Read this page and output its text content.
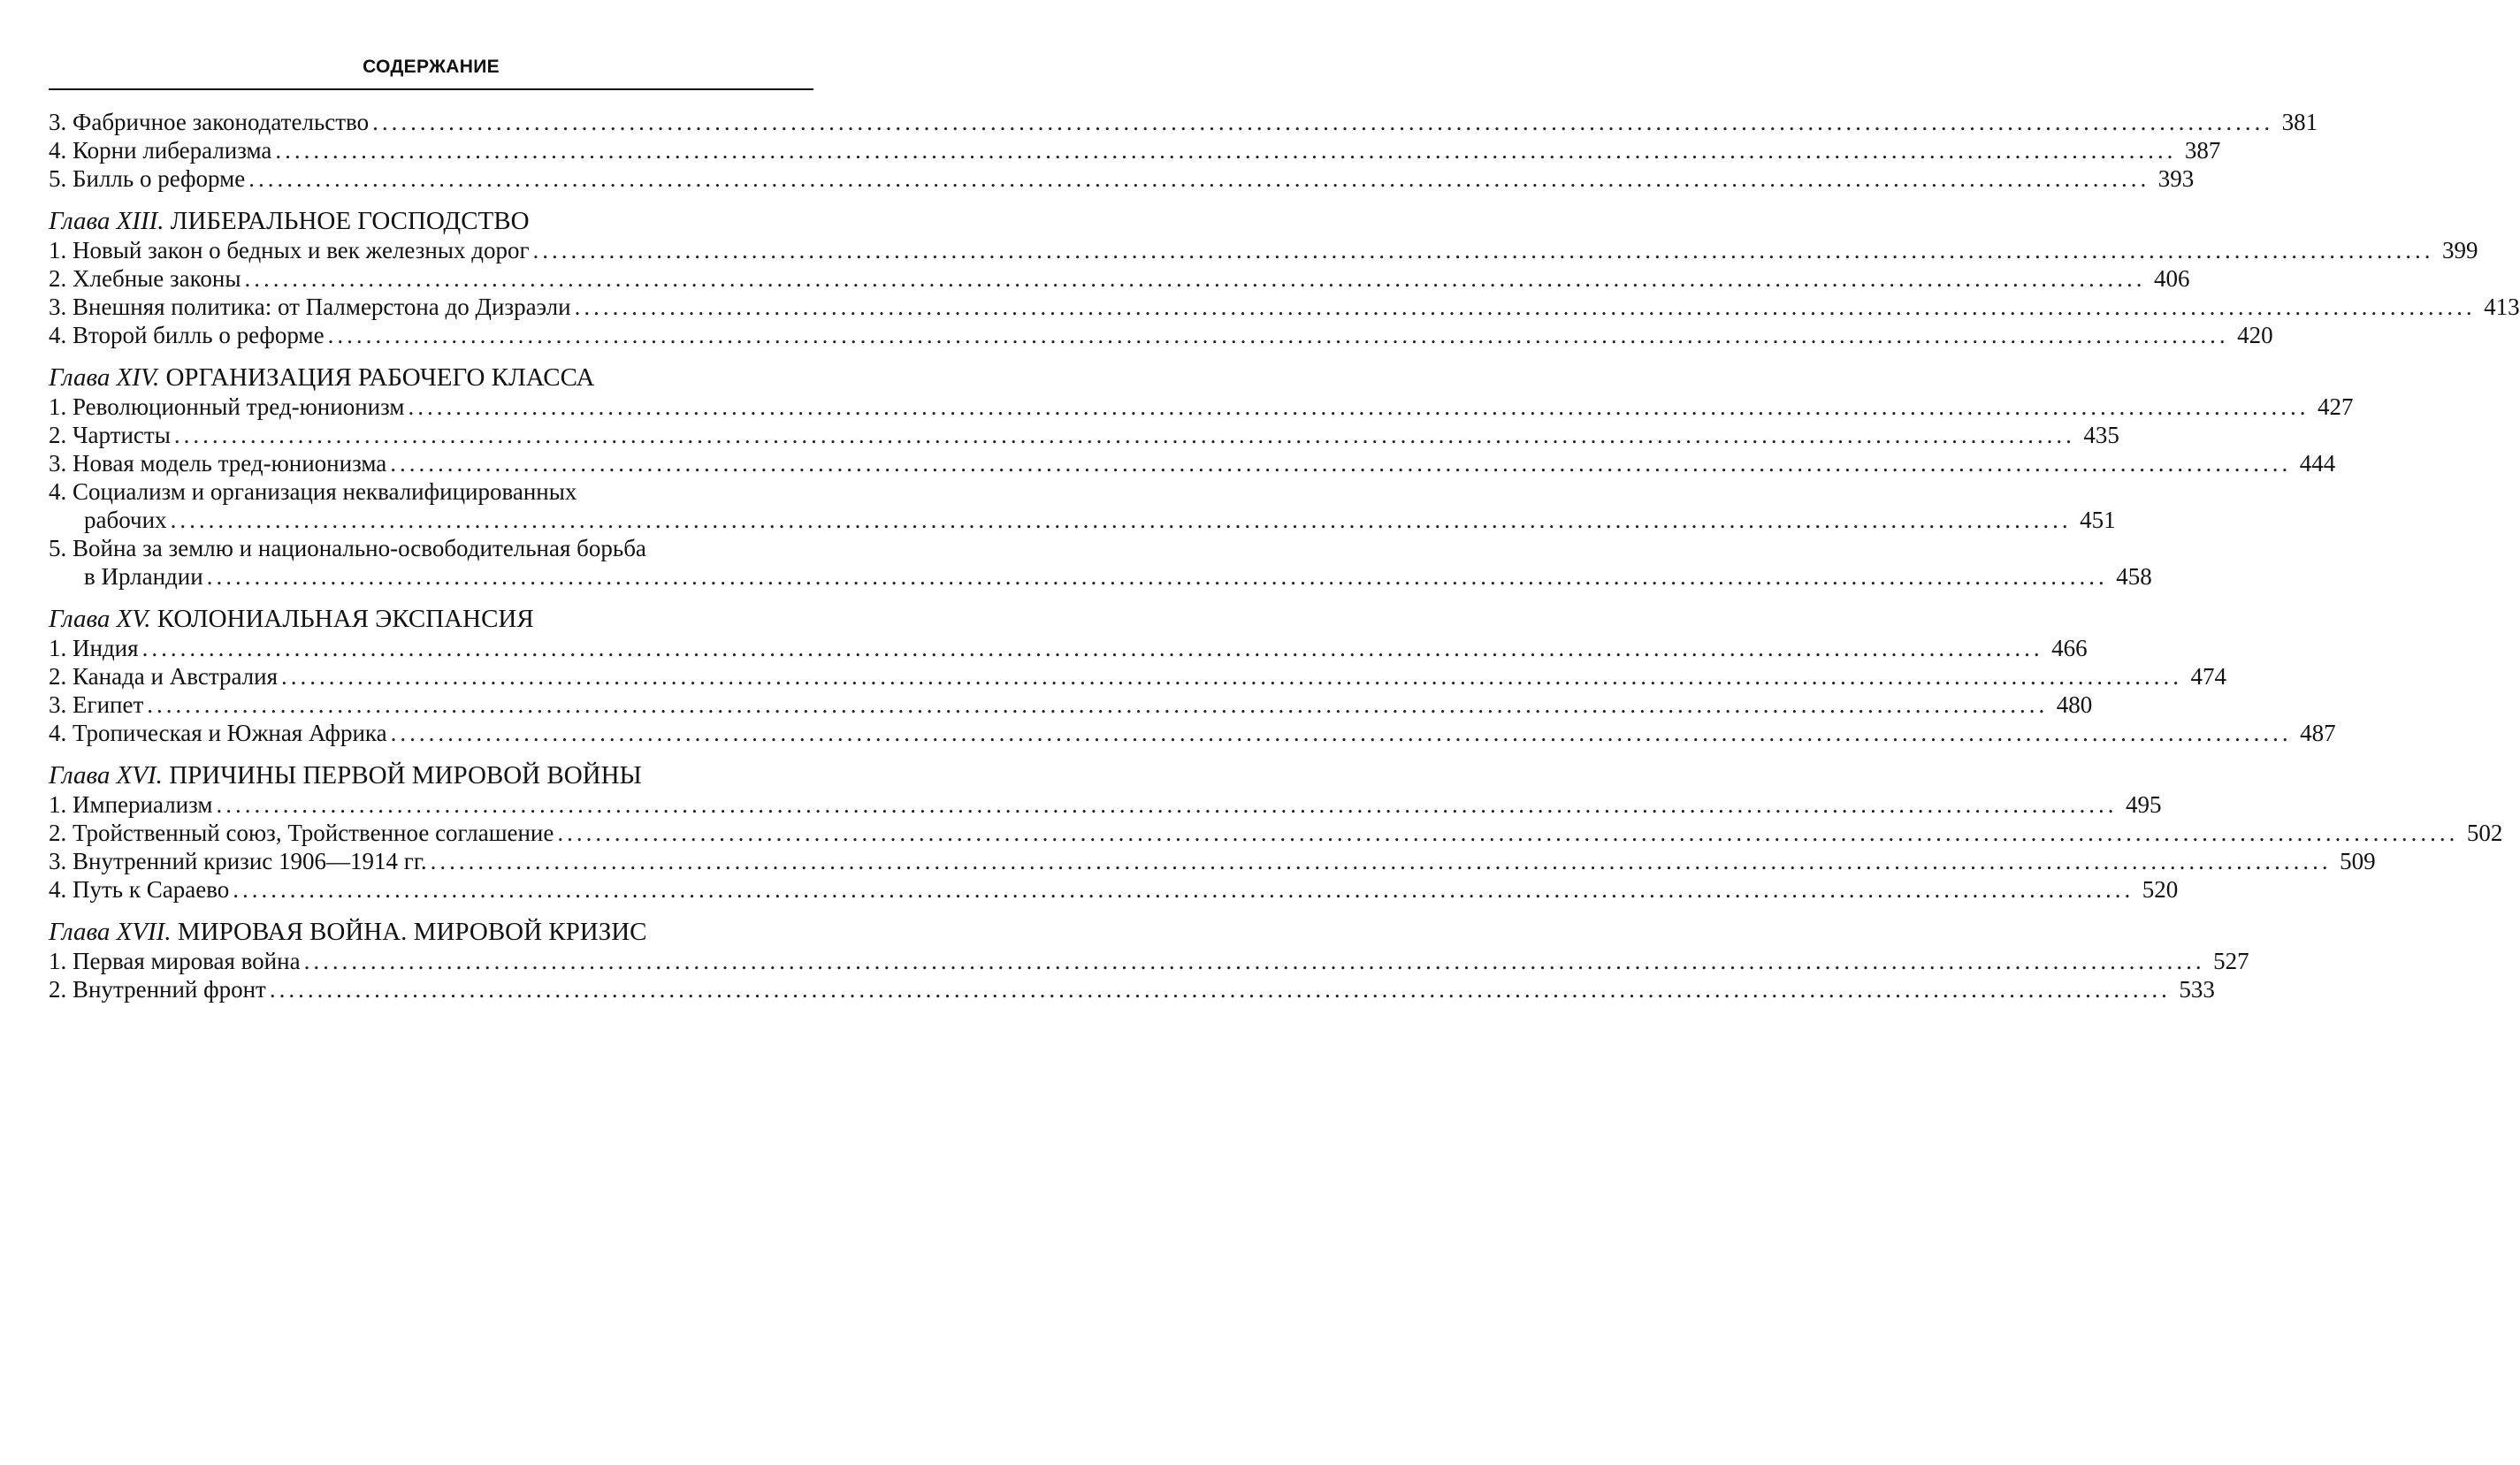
СОДЕРЖАНИЕ
3. Фабричное законодательство ........................................................................................................................................................................................................ 381
4. Корни либерализма ........................................................................................................................................................................................................ 387
5. Билль о реформе ........................................................................................................................................................................................................ 393
Глава XIII. ЛИБЕРАЛЬНОЕ ГОСПОДСТВО
1. Новый закон о бедных и век железных дорог ........................................................................................................................................................................................................ 399
2. Хлебные законы ........................................................................................................................................................................................................ 406
3. Внешняя политика: от Палмерстона до Дизраэли ........................................................................................................................................................................................................ 413
4. Второй билль о реформе ........................................................................................................................................................................................................ 420
Глава XIV. ОРГАНИЗАЦИЯ РАБОЧЕГО КЛАССА
1. Революционный тред-юнионизм ........................................................................................................................................................................................................ 427
2. Чартисты ........................................................................................................................................................................................................ 435
3. Новая модель тред-юнионизма ........................................................................................................................................................................................................ 444
4. Социализм и организация неквалифицированных
рабочих ........................................................................................................................................................................................................ 451
5. Война за землю и национально-освободительная борьба
в Ирландии ........................................................................................................................................................................................................ 458
Глава XV. КОЛОНИАЛЬНАЯ ЭКСПАНСИЯ
1. Индия ........................................................................................................................................................................................................ 466
2. Канада и Австралия ........................................................................................................................................................................................................ 474
3. Египет ........................................................................................................................................................................................................ 480
4. Тропическая и Южная Африка ........................................................................................................................................................................................................ 487
Глава XVI. ПРИЧИНЫ ПЕРВОЙ МИРОВОЙ ВОЙНЫ
1. Империализм ........................................................................................................................................................................................................ 495
2. Тройственный союз, Тройственное соглашение ........................................................................................................................................................................................................ 502
3. Внутренний кризис 1906—1914 гг. ........................................................................................................................................................................................................ 509
4. Путь к Сараево ........................................................................................................................................................................................................ 520
Глава XVII. МИРОВАЯ ВОЙНА. МИРОВОЙ КРИЗИС
1. Первая мировая война ........................................................................................................................................................................................................ 527
2. Внутренний фронт ........................................................................................................................................................................................................ 533
